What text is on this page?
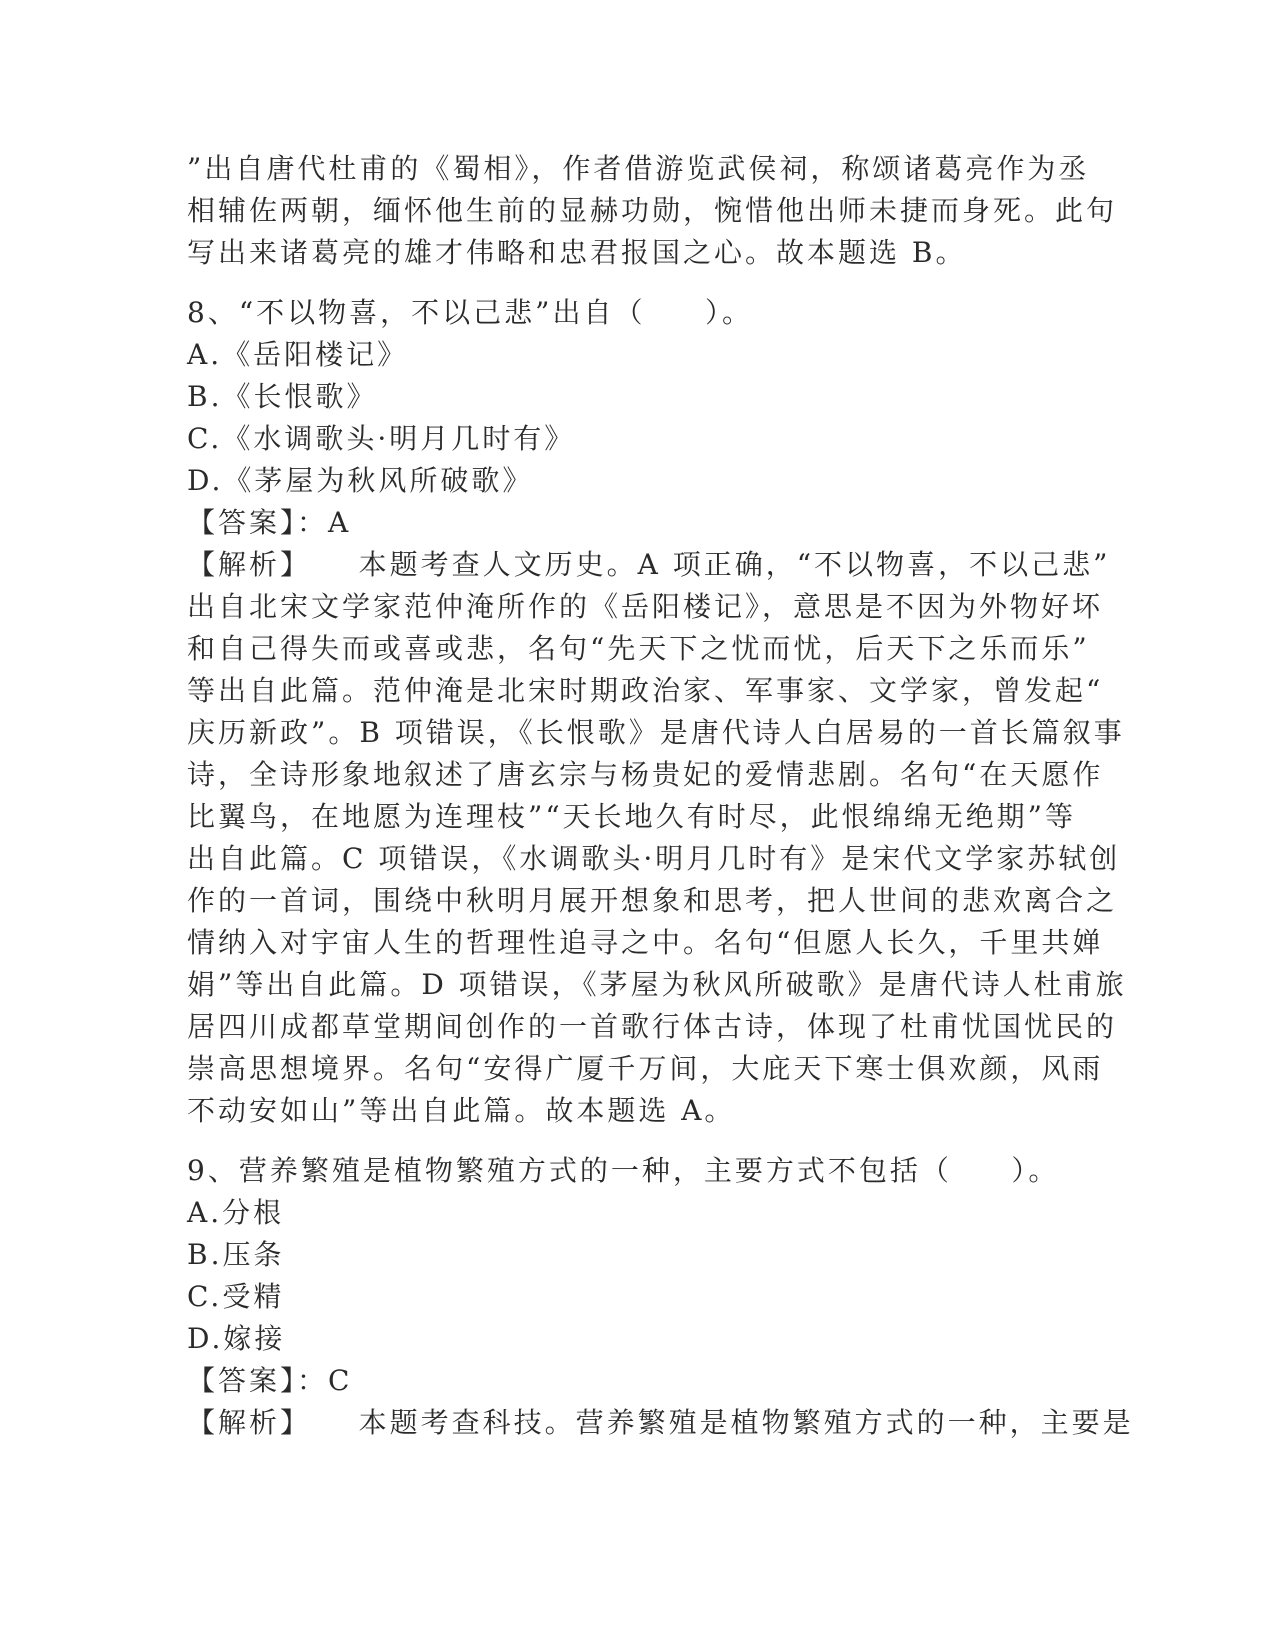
”出自唐代杜甫的《蜀相》，作者借游览武侯祠，称颂诸葛亮作为丞
相辅佐两朝，缅怀他生前的显赫功勋，惋惜他出师未捷而身死。此句
写出来诸葛亮的雄才伟略和忠君报国之心。故本题选 B。
8、“不以物喜，不以己悲”出自（     ）。
A.《岳阳楼记》
B.《长恨歌》
C.《水调歌头·明月几时有》
D.《茅屋为秋风所破歌》
【答案】：A
【解析】 本题考查人文历史。A 项正确，“不以物喜，不以己悲”
出自北宋文学家范仲淹所作的《岳阳楼记》，意思是不因为外物好坏
和自己得失而或喜或悲，名句“先天下之忧而忧，后天下之乐而乐”
等出自此篇。范仲淹是北宋时期政治家、军事家、文学家，曾发起“
庆历新政”。B 项错误，《长恨歌》是唐代诗人白居易的一首长篇叙事
诗，全诗形象地叙述了唐玄宗与杨贵妃的爱情悲剧。名句“在天愿作
比翼鸟，在地愿为连理枝”“天长地久有时尽，此恨绵绵无绝期”等
出自此篇。C 项错误，《水调歌头·明月几时有》是宋代文学家苏轼创
作的一首词，围绕中秋明月展开想象和思考，把人世间的悲欢离合之
情纳入对宇宙人生的哲理性追寻之中。名句“但愿人长久，千里共婵
娟”等出自此篇。D 项错误，《茅屋为秋风所破歌》是唐代诗人杜甫旅
居四川成都草堂期间创作的一首歌行体古诗，体现了杜甫忧国忧民的
崇高思想境界。名句“安得广厦千万间，大庇天下寒士俱欢颜，风雨
不动安如山”等出自此篇。故本题选 A。
9、营养繁殖是植物繁殖方式的一种，主要方式不包括（     ）。
A.分根
B.压条
C.受精
D.嫁接
【答案】：C
【解析】 本题考查科技。营养繁殖是植物繁殖方式的一种，主要是
